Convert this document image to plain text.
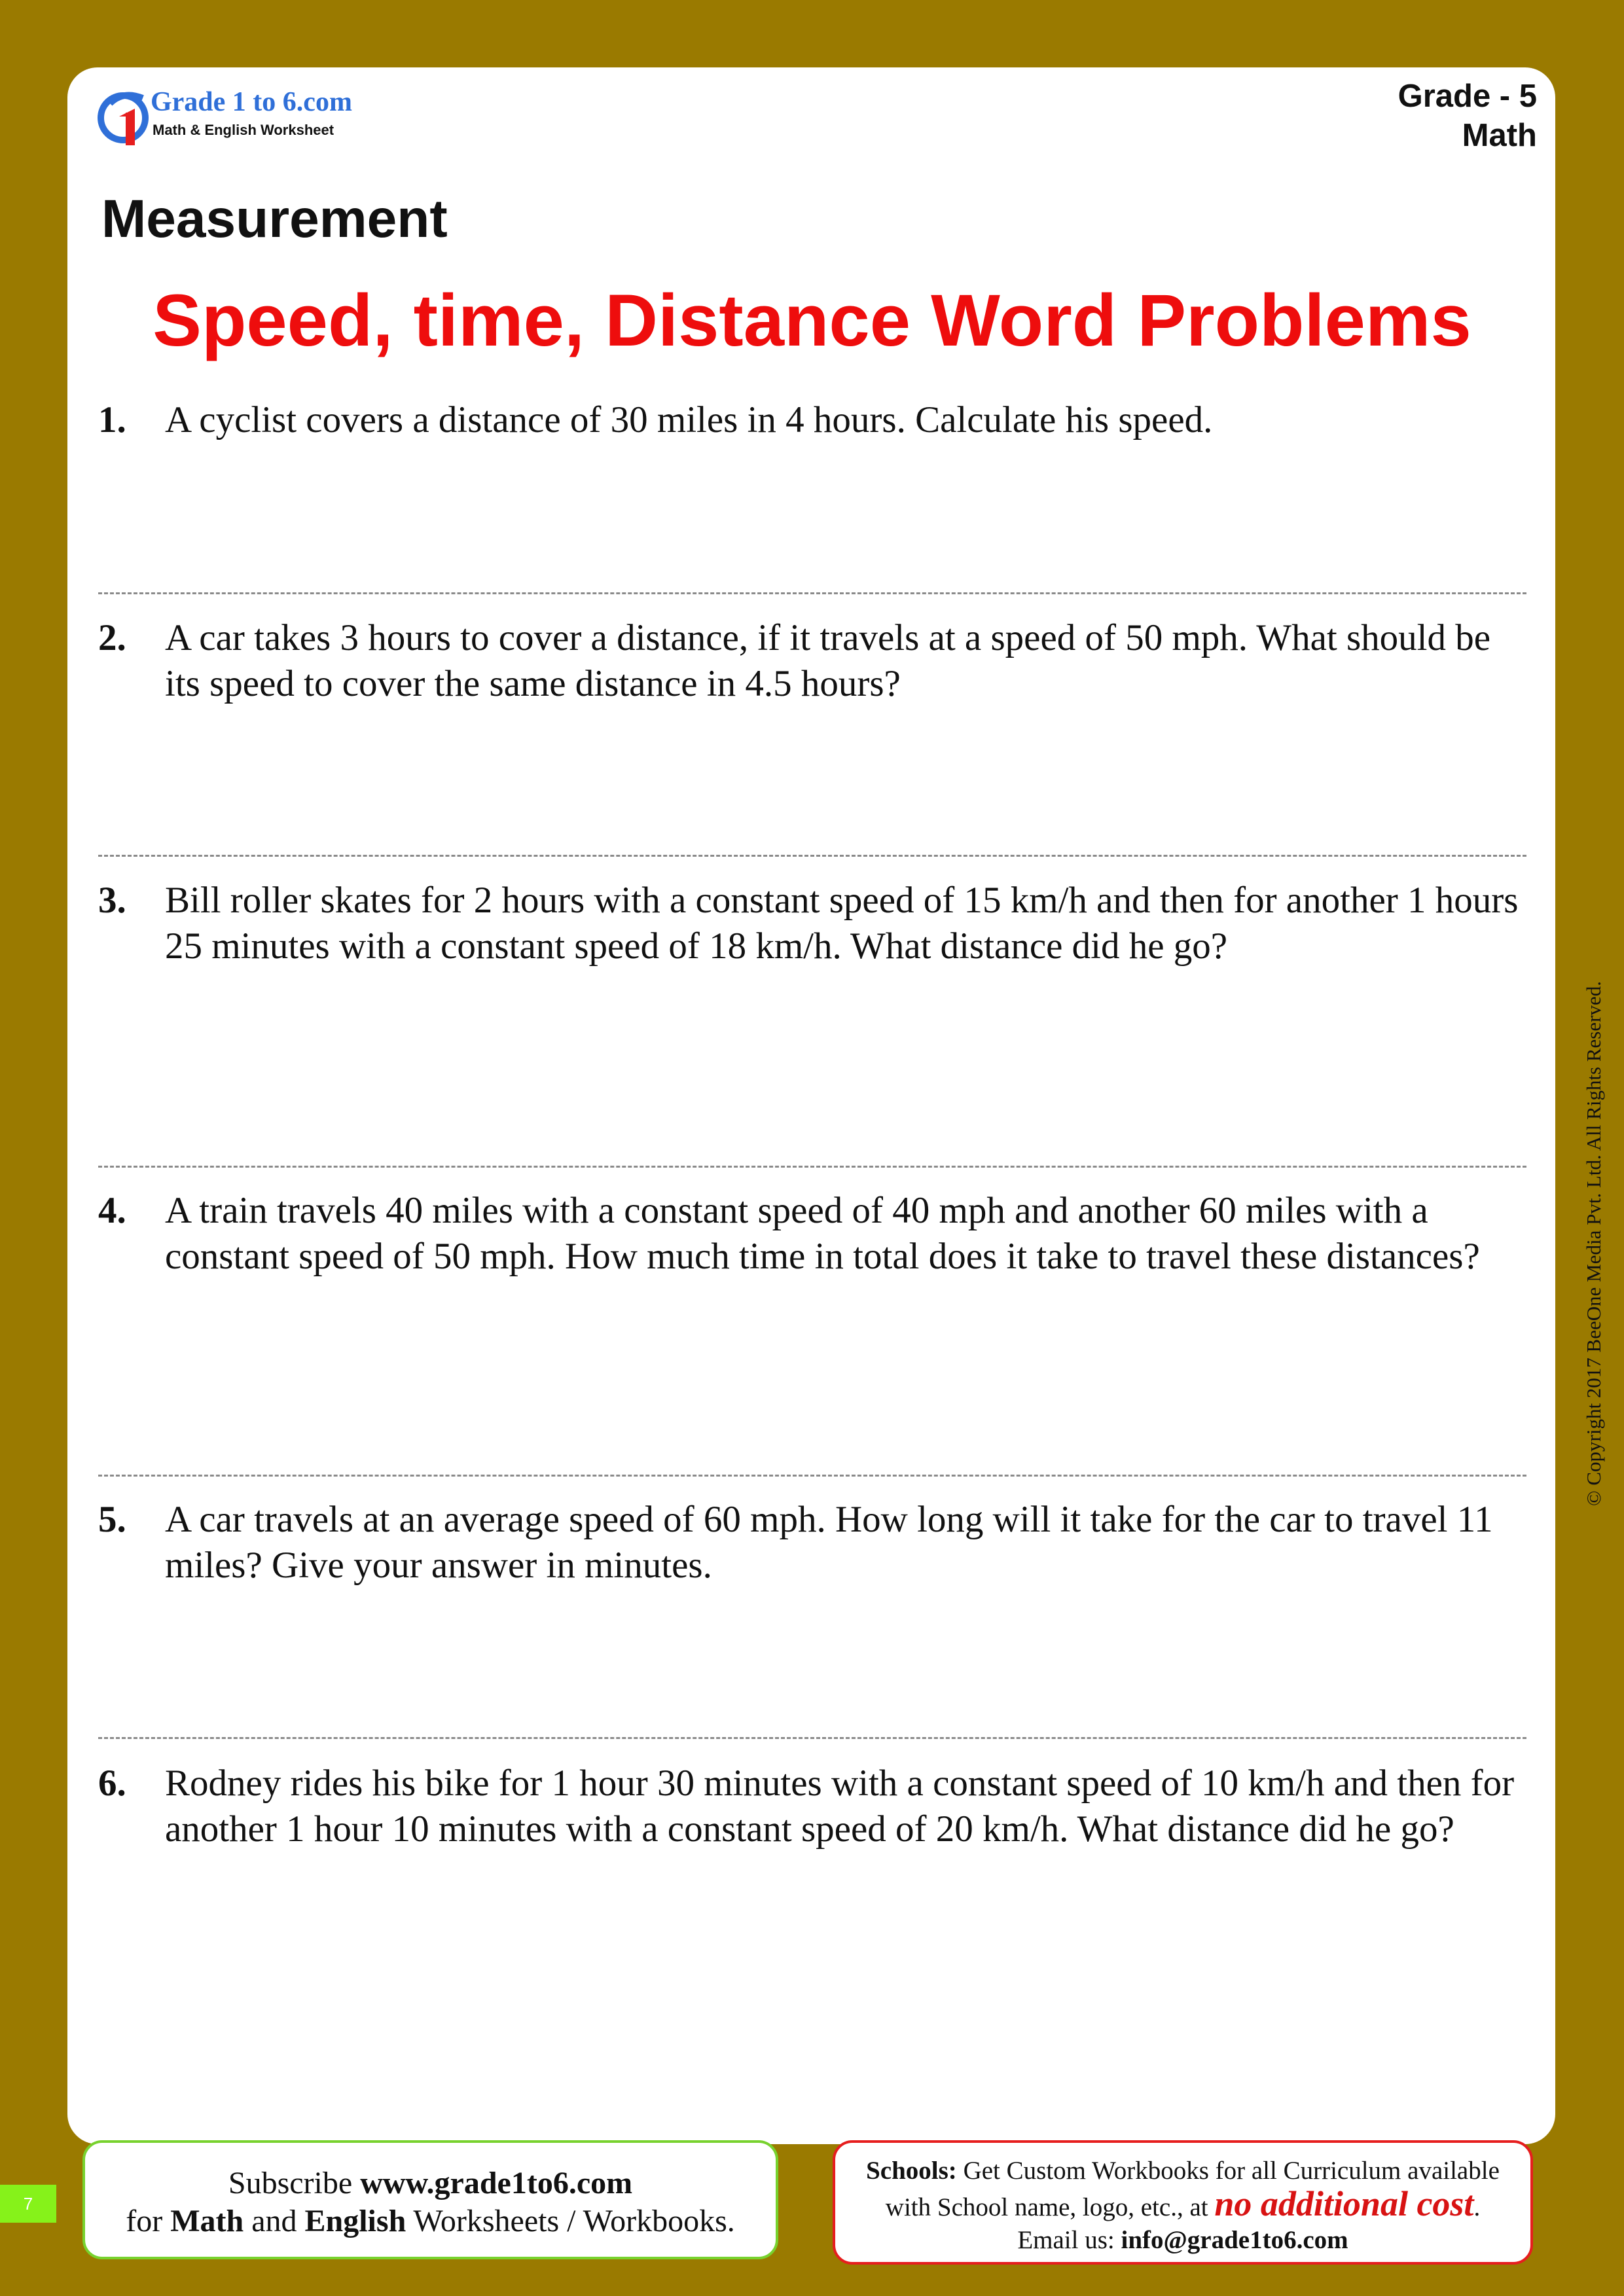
Grade 1 to 6.com
Math & English Worksheet
Grade - 5
Math
Measurement
Speed, time, Distance Word Problems
1. A cyclist covers a distance of 30 miles in 4 hours. Calculate his speed.
2. A car takes 3 hours to cover a distance, if it travels at a speed of 50 mph. What should be its speed to cover the same distance in 4.5 hours?
3. Bill roller skates for 2 hours with a constant speed of 15 km/h and then for another 1 hours 25 minutes with a constant speed of 18 km/h. What distance did he go?
4. A train travels 40 miles with a constant speed of 40 mph and another 60 miles with a constant speed of 50 mph. How much time in total does it take to travel these distances?
5. A car travels at an average speed of 60 mph. How long will it take for the car to travel 11 miles? Give your answer in minutes.
6. Rodney rides his bike for 1 hour 30 minutes with a constant speed of 10 km/h and then for another 1 hour 10 minutes with a constant speed of 20 km/h. What distance did he go?
© Copyright 2017 BeeOne Media Pvt. Ltd. All Rights Reserved.
Subscribe www.grade1to6.com
for Math and English Worksheets / Workbooks.
Schools: Get Custom Workbooks for all Curriculum available
with School name, logo, etc., at no additional cost.
Email us: info@grade1to6.com
7
